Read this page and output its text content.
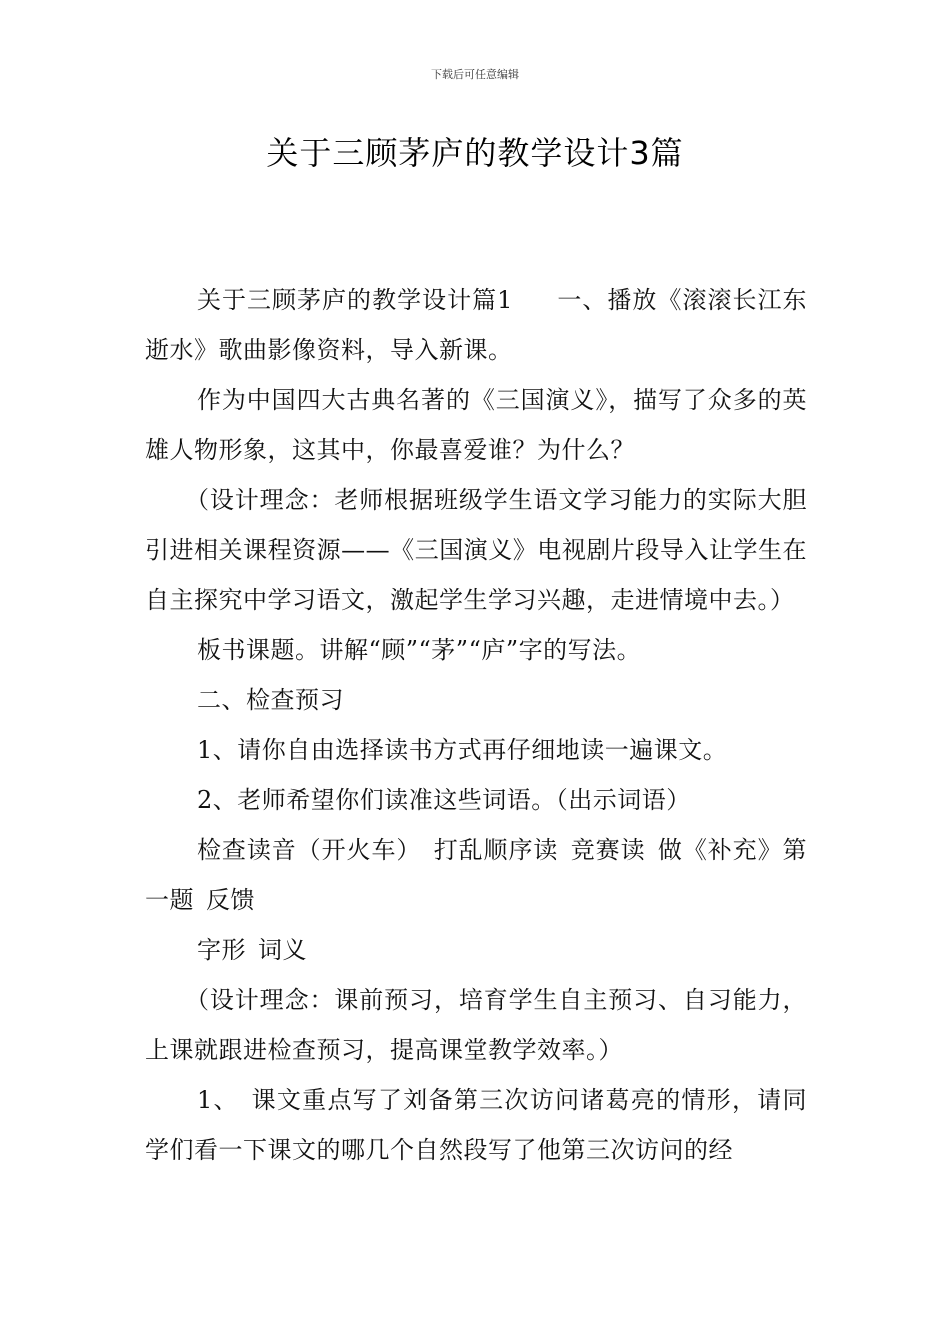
下载后可任意编辑
关于三顾茅庐的教学设计3篇

关于三顾茅庐的教学设计篇1 一、播放《滚滚长江东逝水》歌曲影像资料，导入新课。

作为中国四大古典名著的《三国演义》，描写了众多的英雄人物形象，这其中，你最喜爱谁？为什么？

（设计理念：老师根据班级学生语文学习能力的实际大胆引进相关课程资源——《三国演义》电视剧片段导入让学生在自主探究中学习语文，激起学生学习兴趣，走进情境中去。）

板书课题。讲解“顾”“茅”“庐”字的写法。

二、检查预习

1、请你自由选择读书方式再仔细地读一遍课文。

2、老师希望你们读准这些词语。（出示词语）

检查读音（开火车） 打乱顺序读 竞赛读 做《补充》第一题 反馈

字形 词义

（设计理念：课前预习，培育学生自主预习、自习能力，上课就跟进检查预习，提高课堂教学效率。）

1、 课文重点写了刘备第三次访问诸葛亮的情形，请同学们看一下课文的哪几个自然段写了他第三次访问的经
